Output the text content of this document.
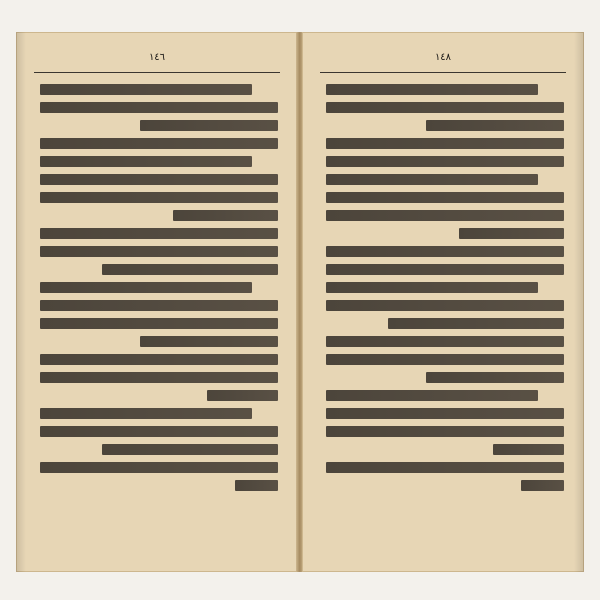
١٤٦	١٤٨
